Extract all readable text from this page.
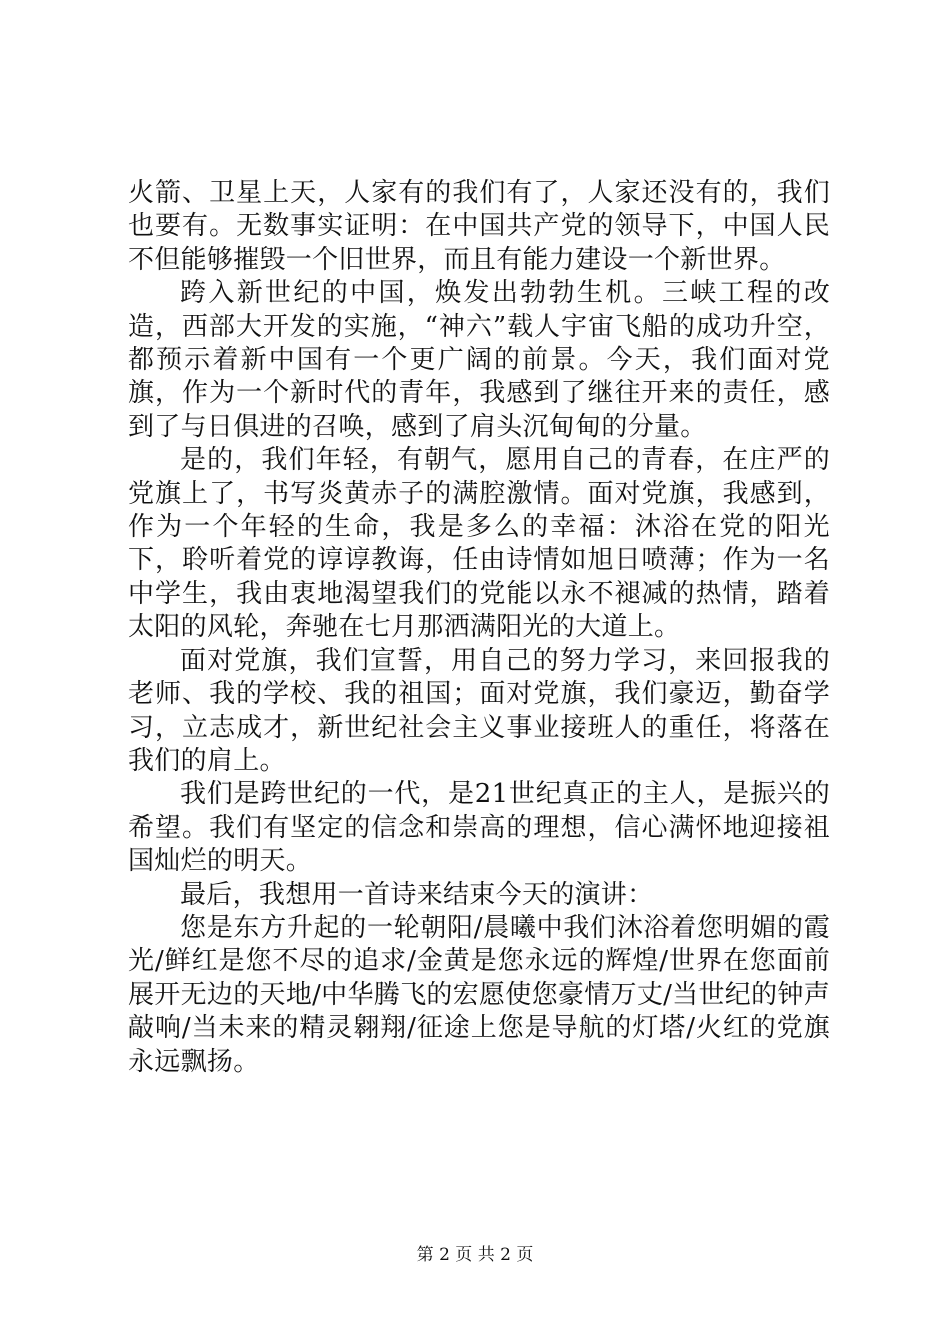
火箭、卫星上天，人家有的我们有了，人家还没有的，我们也要有。无数事实证明：在中国共产党的领导下，中国人民不但能够摧毁一个旧世界，而且有能力建设一个新世界。

跨入新世纪的中国，焕发出勃勃生机。三峡工程的改造，西部大开发的实施，“神六”载人宇宙飞船的成功升空，都预示着新中国有一个更广阔的前景。今天，我们面对党旗，作为一个新时代的青年，我感到了继往开来的责任，感到了与日俱进的召唤，感到了肩头沉甸甸的分量。

是的，我们年轻，有朝气，愿用自己的青春，在庄严的党旗上了，书写炎黄赤子的满腔激情。面对党旗，我感到，作为一个年轻的生命，我是多么的幸福：沐浴在党的阳光下，聆听着党的谆谆教诲，任由诗情如旭日喷薄；作为一名中学生，我由衷地渴望我们的党能以永不褪减的热情，踏着太阳的风轮，奔驰在七月那洒满阳光的大道上。

面对党旗，我们宣誓，用自己的努力学习，来回报我的老师、我的学校、我的祖国；面对党旗，我们豪迈，勤奋学习，立志成才，新世纪社会主义事业接班人的重任，将落在我们的肩上。

我们是跨世纪的一代，是21世纪真正的主人，是振兴的希望。我们有坚定的信念和崇高的理想，信心满怀地迎接祖国灿烂的明天。

最后，我想用一首诗来结束今天的演讲：

您是东方升起的一轮朝阳/晨曦中我们沐浴着您明媚的霞光/鲜红是您不尽的追求/金黄是您永远的辉煌/世界在您面前展开无边的天地/中华腾飞的宏愿使您豪情万丈/当世纪的钟声敲响/当未来的精灵翱翔/征途上您是导航的灯塔/火红的党旗永远飘扬。

第 2 页 共 2 页
